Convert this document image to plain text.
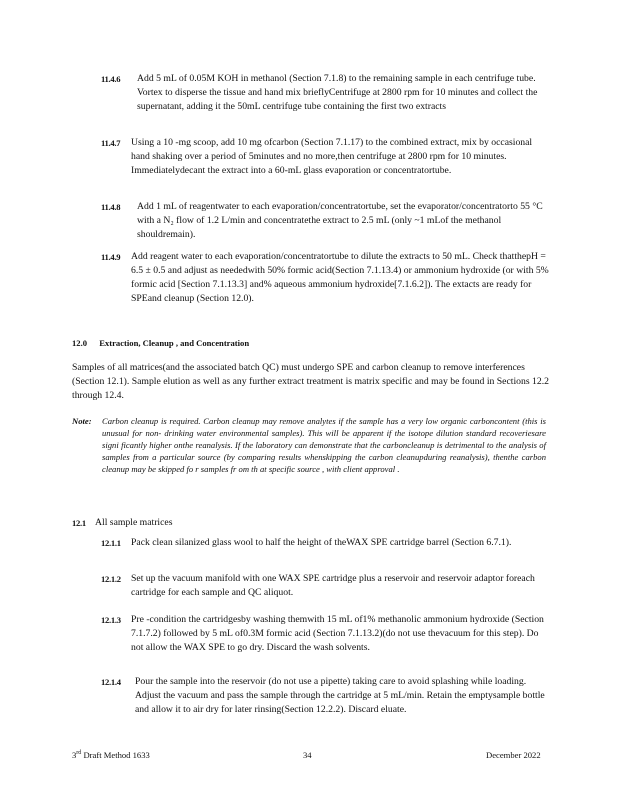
11.4.6 Add 5 mL of 0.05M KOH in methanol (Section 7.1.8) to the remaining sample in each centrifuge tube. Vortex to disperse the tissue and hand mix brieflyCentrifuge at 2800 rpm for 10 minutes and collect the supernatant, adding it the 50mL centrifuge tube containing the first two extracts
11.4.7 Using a 10 -mg scoop, add 10 mg ofcarbon (Section 7.1.17) to the combined extract, mix by occasional hand shaking over a period of 5minutes and no more,then centrifuge at 2800 rpm for 10 minutes. Immediatelydecant the extract into a 60-mL glass evaporation or concentratortube.
11.4.8 Add 1 mL of reagentwater to each evaporation/concentratortube, set the evaporator/concentratorto 55 °C with a N₂ flow of 1.2 L/min and concentratethe extract to 2.5 mL (only ~1 mLof the methanol shouldremain).
11.4.9 Add reagent water to each evaporation/concentratortube to dilute the extracts to 50 mL. Check thatthepH = 6.5 ± 0.5 and adjust as neededwith 50% formic acid(Section 7.1.13.4) or ammonium hydroxide (or with 5% formic acid [Section 7.1.13.3] and% aqueous ammonium hydroxide[7.1.6.2]). The extacts are ready for SPEand cleanup (Section 12.0).
12.0 Extraction, Cleanup , and Concentration
Samples of all matrices(and the associated batch QC) must undergo SPE and carbon cleanup to remove interferences (Section 12.1). Sample elution as well as any further extract treatment is matrix specific and may be found in Sections 12.2 through 12.4.
Note: Carbon cleanup is required. Carbon cleanup may remove analytes if the sample has a very low organic carboncontent (this is unusual for non- drinking water environmental samples). This will be apparent if the isotope dilution standard recoveriesare signi ficantly higher onthe reanalysis. If the laboratory can demonstrate that the carboncleanup is detrimental to the analysis of samples from a particular source (by comparing results whenskipping the carbon cleanupduring reanalysis), thenthe carbon cleanup may be skipped fo r samples fr om th at specific source , with client approval .
12.1 All sample matrices
12.1.1 Pack clean silanized glass wool to half the height of theWAX SPE cartridge barrel (Section 6.7.1).
12.1.2 Set up the vacuum manifold with one WAX SPE cartridge plus a reservoir and reservoir adaptor foreach cartridge for each sample and QC aliquot.
12.1.3 Pre -condition the cartridgesby washing themwith 15 mL of1% methanolic ammonium hydroxide (Section 7.1.7.2) followed by 5 mL of0.3M formic acid (Section 7.1.13.2)(do not use thevacuum for this step). Do not allow the WAX SPE to go dry. Discard the wash solvents.
12.1.4 Pour the sample into the reservoir (do not use a pipette) taking care to avoid splashing while loading. Adjust the vacuum and pass the sample through the cartridge at 5 mL/min. Retain the emptysample bottle and allow it to air dry for later rinsing(Section 12.2.2). Discard eluate.
3rd Draft Method 1633	34	December 2022
